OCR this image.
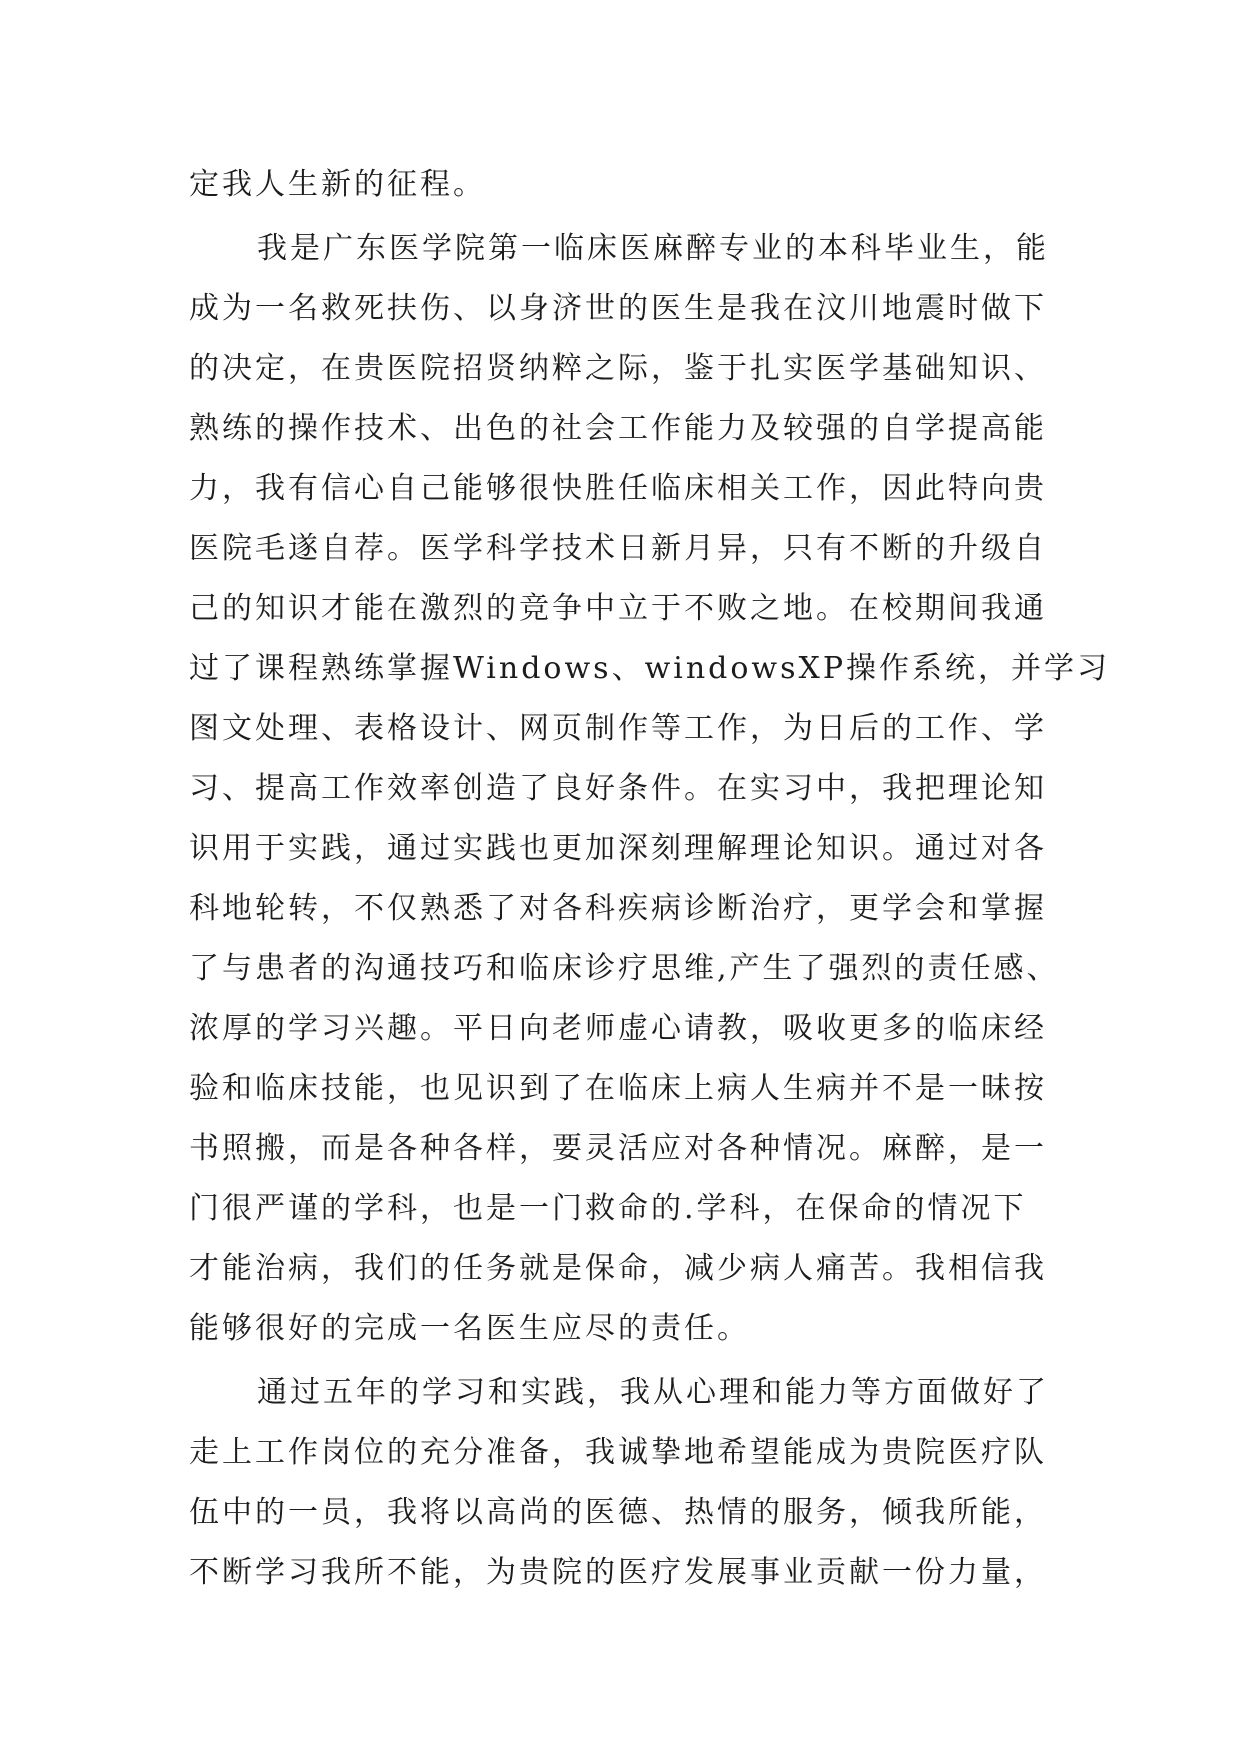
定我人生新的征程。
我是广东医学院第一临床医麻醉专业的本科毕业生，能
成为一名救死扶伤、以身济世的医生是我在汶川地震时做下
的决定，在贵医院招贤纳粹之际，鉴于扎实医学基础知识、
熟练的操作技术、出色的社会工作能力及较强的自学提高能
力，我有信心自己能够很快胜任临床相关工作，因此特向贵
医院毛遂自荐。医学科学技术日新月异，只有不断的升级自
己的知识才能在激烈的竞争中立于不败之地。在校期间我通
过了课程熟练掌握Windows、windowsXP操作系统，并学习
图文处理、表格设计、网页制作等工作，为日后的工作、学
习、提高工作效率创造了良好条件。在实习中，我把理论知
识用于实践，通过实践也更加深刻理解理论知识。通过对各
科地轮转，不仅熟悉了对各科疾病诊断治疗，更学会和掌握
了与患者的沟通技巧和临床诊疗思维,产生了强烈的责任感、
浓厚的学习兴趣。平日向老师虚心请教，吸收更多的临床经
验和临床技能，也见识到了在临床上病人生病并不是一昧按
书照搬，而是各种各样，要灵活应对各种情况。麻醉，是一
门很严谨的学科，也是一门救命的.学科，在保命的情况下
才能治病，我们的任务就是保命，减少病人痛苦。我相信我
能够很好的完成一名医生应尽的责任。
通过五年的学习和实践，我从心理和能力等方面做好了
走上工作岗位的充分准备，我诚挚地希望能成为贵院医疗队
伍中的一员，我将以高尚的医德、热情的服务，倾我所能，
不断学习我所不能，为贵院的医疗发展事业贡献一份力量，
